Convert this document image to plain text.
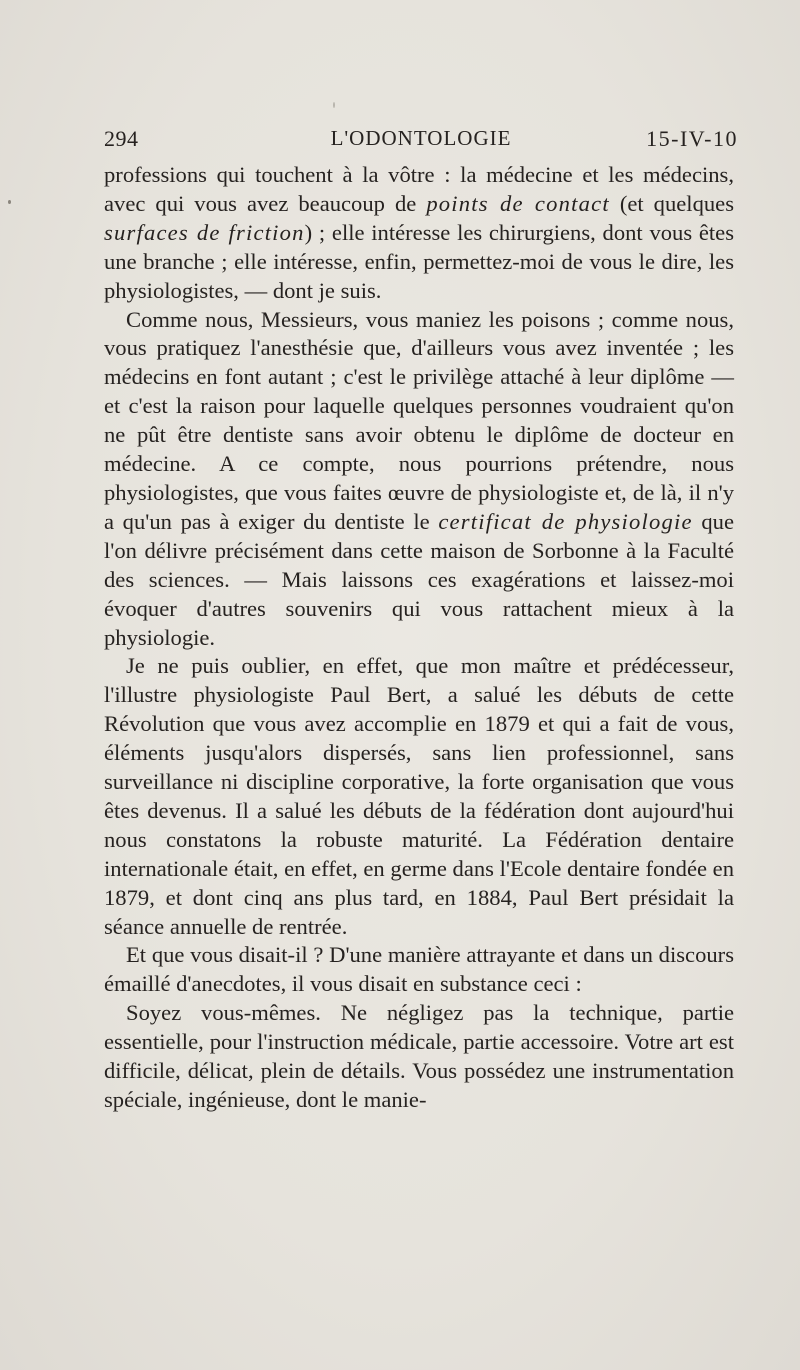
294	L'ODONTOLOGIE	15-IV-10

professions qui touchent à la vôtre : la médecine et les médecins, avec qui vous avez beaucoup de points de contact (et quelques surfaces de friction) ; elle intéresse les chirurgiens, dont vous êtes une branche ; elle intéresse, enfin, permettez-moi de vous le dire, les physiologistes, — dont je suis.

Comme nous, Messieurs, vous maniez les poisons ; comme nous, vous pratiquez l'anesthésie que, d'ailleurs vous avez inventée ; les médecins en font autant ; c'est le privilège attaché à leur diplôme — et c'est la raison pour laquelle quelques personnes voudraient qu'on ne pût être dentiste sans avoir obtenu le diplôme de docteur en médecine. A ce compte, nous pourrions prétendre, nous physiologistes, que vous faites œuvre de physiologiste et, de là, il n'y a qu'un pas à exiger du dentiste le certificat de physiologie que l'on délivre précisément dans cette maison de Sorbonne à la Faculté des sciences. — Mais laissons ces exagérations et laissez-moi évoquer d'autres souvenirs qui vous rattachent mieux à la physiologie.

Je ne puis oublier, en effet, que mon maître et prédécesseur, l'illustre physiologiste Paul Bert, a salué les débuts de cette Révolution que vous avez accomplie en 1879 et qui a fait de vous, éléments jusqu'alors dispersés, sans lien professionnel, sans surveillance ni discipline corporative, la forte organisation que vous êtes devenus. Il a salué les débuts de la fédération dont aujourd'hui nous constatons la robuste maturité. La Fédération dentaire internationale était, en effet, en germe dans l'Ecole dentaire fondée en 1879, et dont cinq ans plus tard, en 1884, Paul Bert présidait la séance annuelle de rentrée.

Et que vous disait-il ? D'une manière attrayante et dans un discours émaillé d'anecdotes, il vous disait en substance ceci :

Soyez vous-mêmes. Ne négligez pas la technique, partie essentielle, pour l'instruction médicale, partie accessoire. Votre art est difficile, délicat, plein de détails. Vous possédez une instrumentation spéciale, ingénieuse, dont le manie-
